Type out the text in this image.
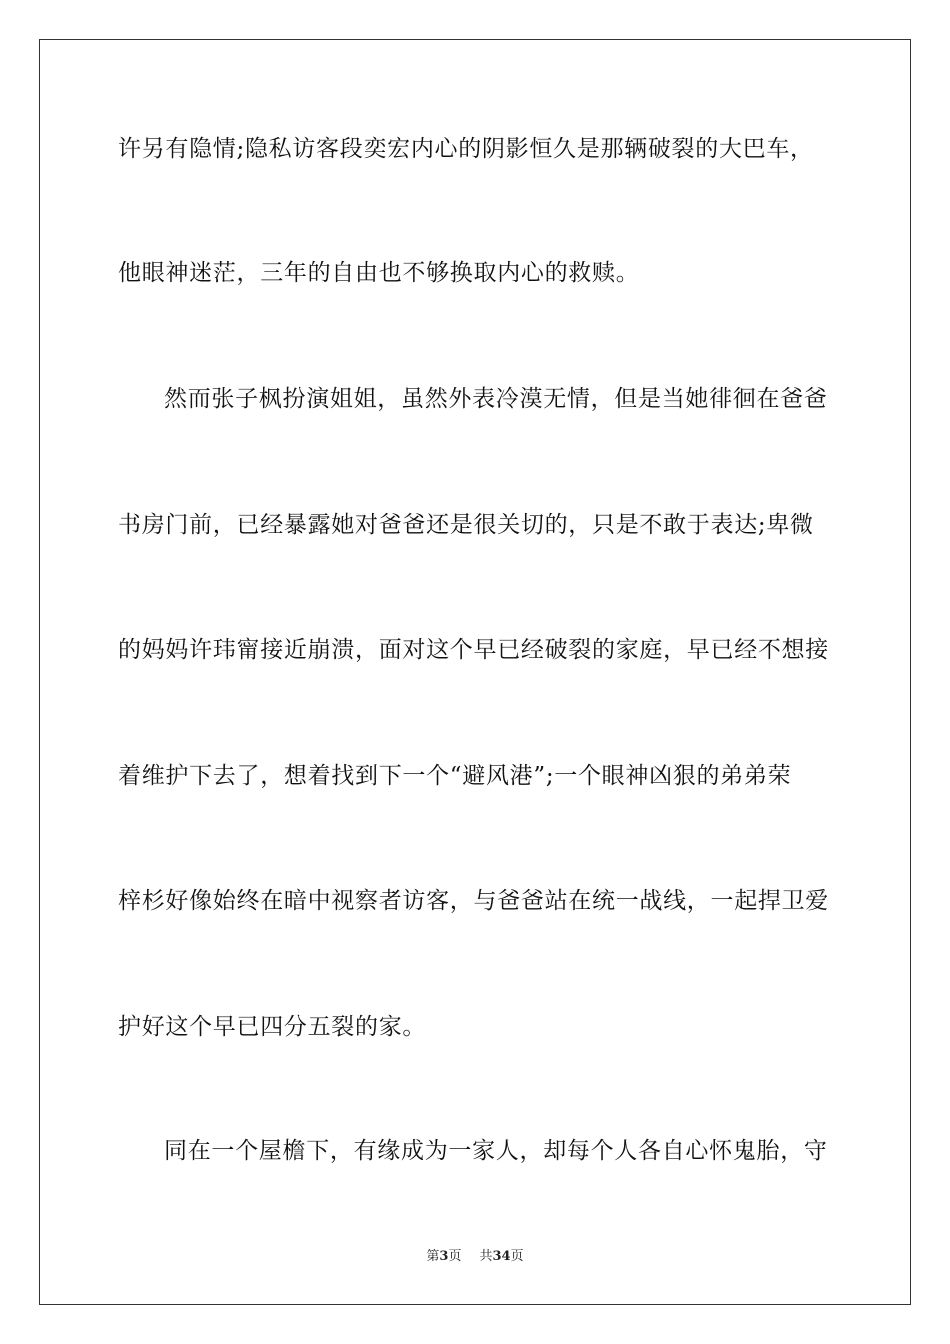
许另有隐情;隐私访客段奕宏内心的阴影恒久是那辆破裂的大巴车，
他眼神迷茫，三年的自由也不够换取内心的救赎。
然而张子枫扮演姐姐，虽然外表冷漠无情，但是当她徘徊在爸爸
书房门前，已经暴露她对爸爸还是很关切的，只是不敢于表达;卑微
的妈妈许玮甯接近崩溃，面对这个早已经破裂的家庭，早已经不想接
着维护下去了，想着找到下一个“避风港”;一个眼神凶狠的弟弟荣
梓杉好像始终在暗中视察者访客，与爸爸站在统一战线，一起捍卫爱
护好这个早已四分五裂的家。
同在一个屋檐下，有缘成为一家人，却每个人各自心怀鬼胎，守
第3页 共34页
